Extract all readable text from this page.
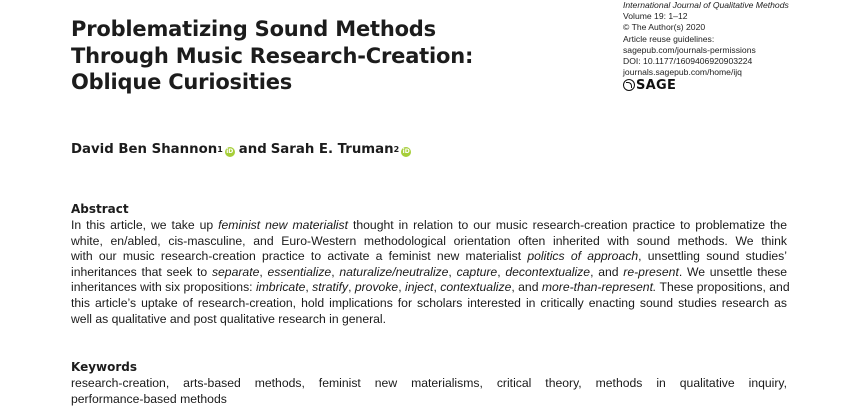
Problematizing Sound Methods
Through Music Research-Creation:
Oblique Curiosities
International Journal of Qualitative Methods
Volume 19: 1–12
© The Author(s) 2020
Article reuse guidelines:
sagepub.com/journals-permissions
DOI: 10.1177/1609406920903224
journals.sagepub.com/home/ijq
SAGE
David Ben Shannon$^1$ iD and Sarah E. Truman$^2$ iD
Abstract
In this article, we take up feminist new materialist thought in relation to our music research-creation practice to problematize the
white, en/abled, cis-masculine, and Euro-Western methodological orientation often inherited with sound methods. We think
with our music research-creation practice to activate a feminist new materialist politics of approach, unsettling sound studies’
inheritances that seek to separate, essentialize, naturalize/neutralize, capture, decontextualize, and re-present. We unsettle these
inheritances with six propositions: imbricate, stratify, provoke, inject, contextualize, and more-than-represent. These propositions, and
this article’s uptake of research-creation, hold implications for scholars interested in critically enacting sound studies research as
well as qualitative and post qualitative research in general.
Keywords
research-creation, arts-based methods, feminist new materialisms, critical theory, methods in qualitative inquiry,
performance-based methods
